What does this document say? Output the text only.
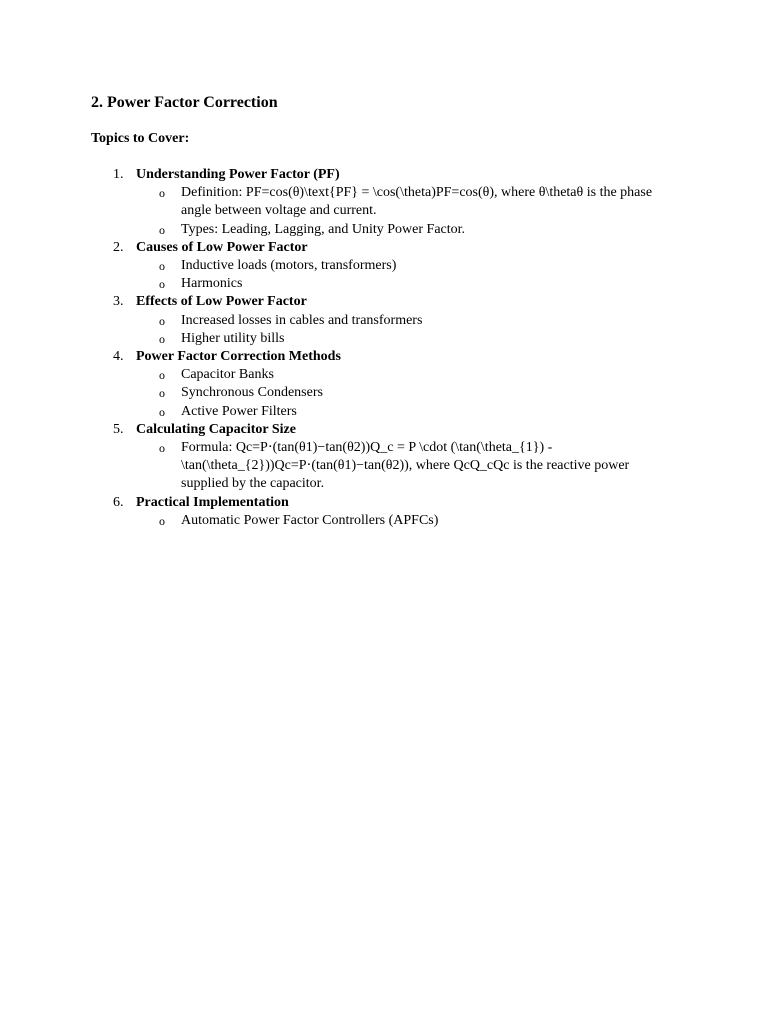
2. Power Factor Correction
Topics to Cover:
1. Understanding Power Factor (PF)
o Definition: PF=cos(θ)\text{PF} = \cos(\theta)PF=cos(θ), where θ\thetaθ is the phase angle between voltage and current.
o Types: Leading, Lagging, and Unity Power Factor.
2. Causes of Low Power Factor
o Inductive loads (motors, transformers)
o Harmonics
3. Effects of Low Power Factor
o Increased losses in cables and transformers
o Higher utility bills
4. Power Factor Correction Methods
o Capacitor Banks
o Synchronous Condensers
o Active Power Filters
5. Calculating Capacitor Size
o Formula: Qc=P⋅(tan(θ1)−tan(θ2))Q_c = P \cdot (\tan(\theta_{1}) - \tan(\theta_{2}))Qc=P⋅(tan(θ1)−tan(θ2)), where QcQ_cQc is the reactive power supplied by the capacitor.
6. Practical Implementation
o Automatic Power Factor Controllers (APFCs)
